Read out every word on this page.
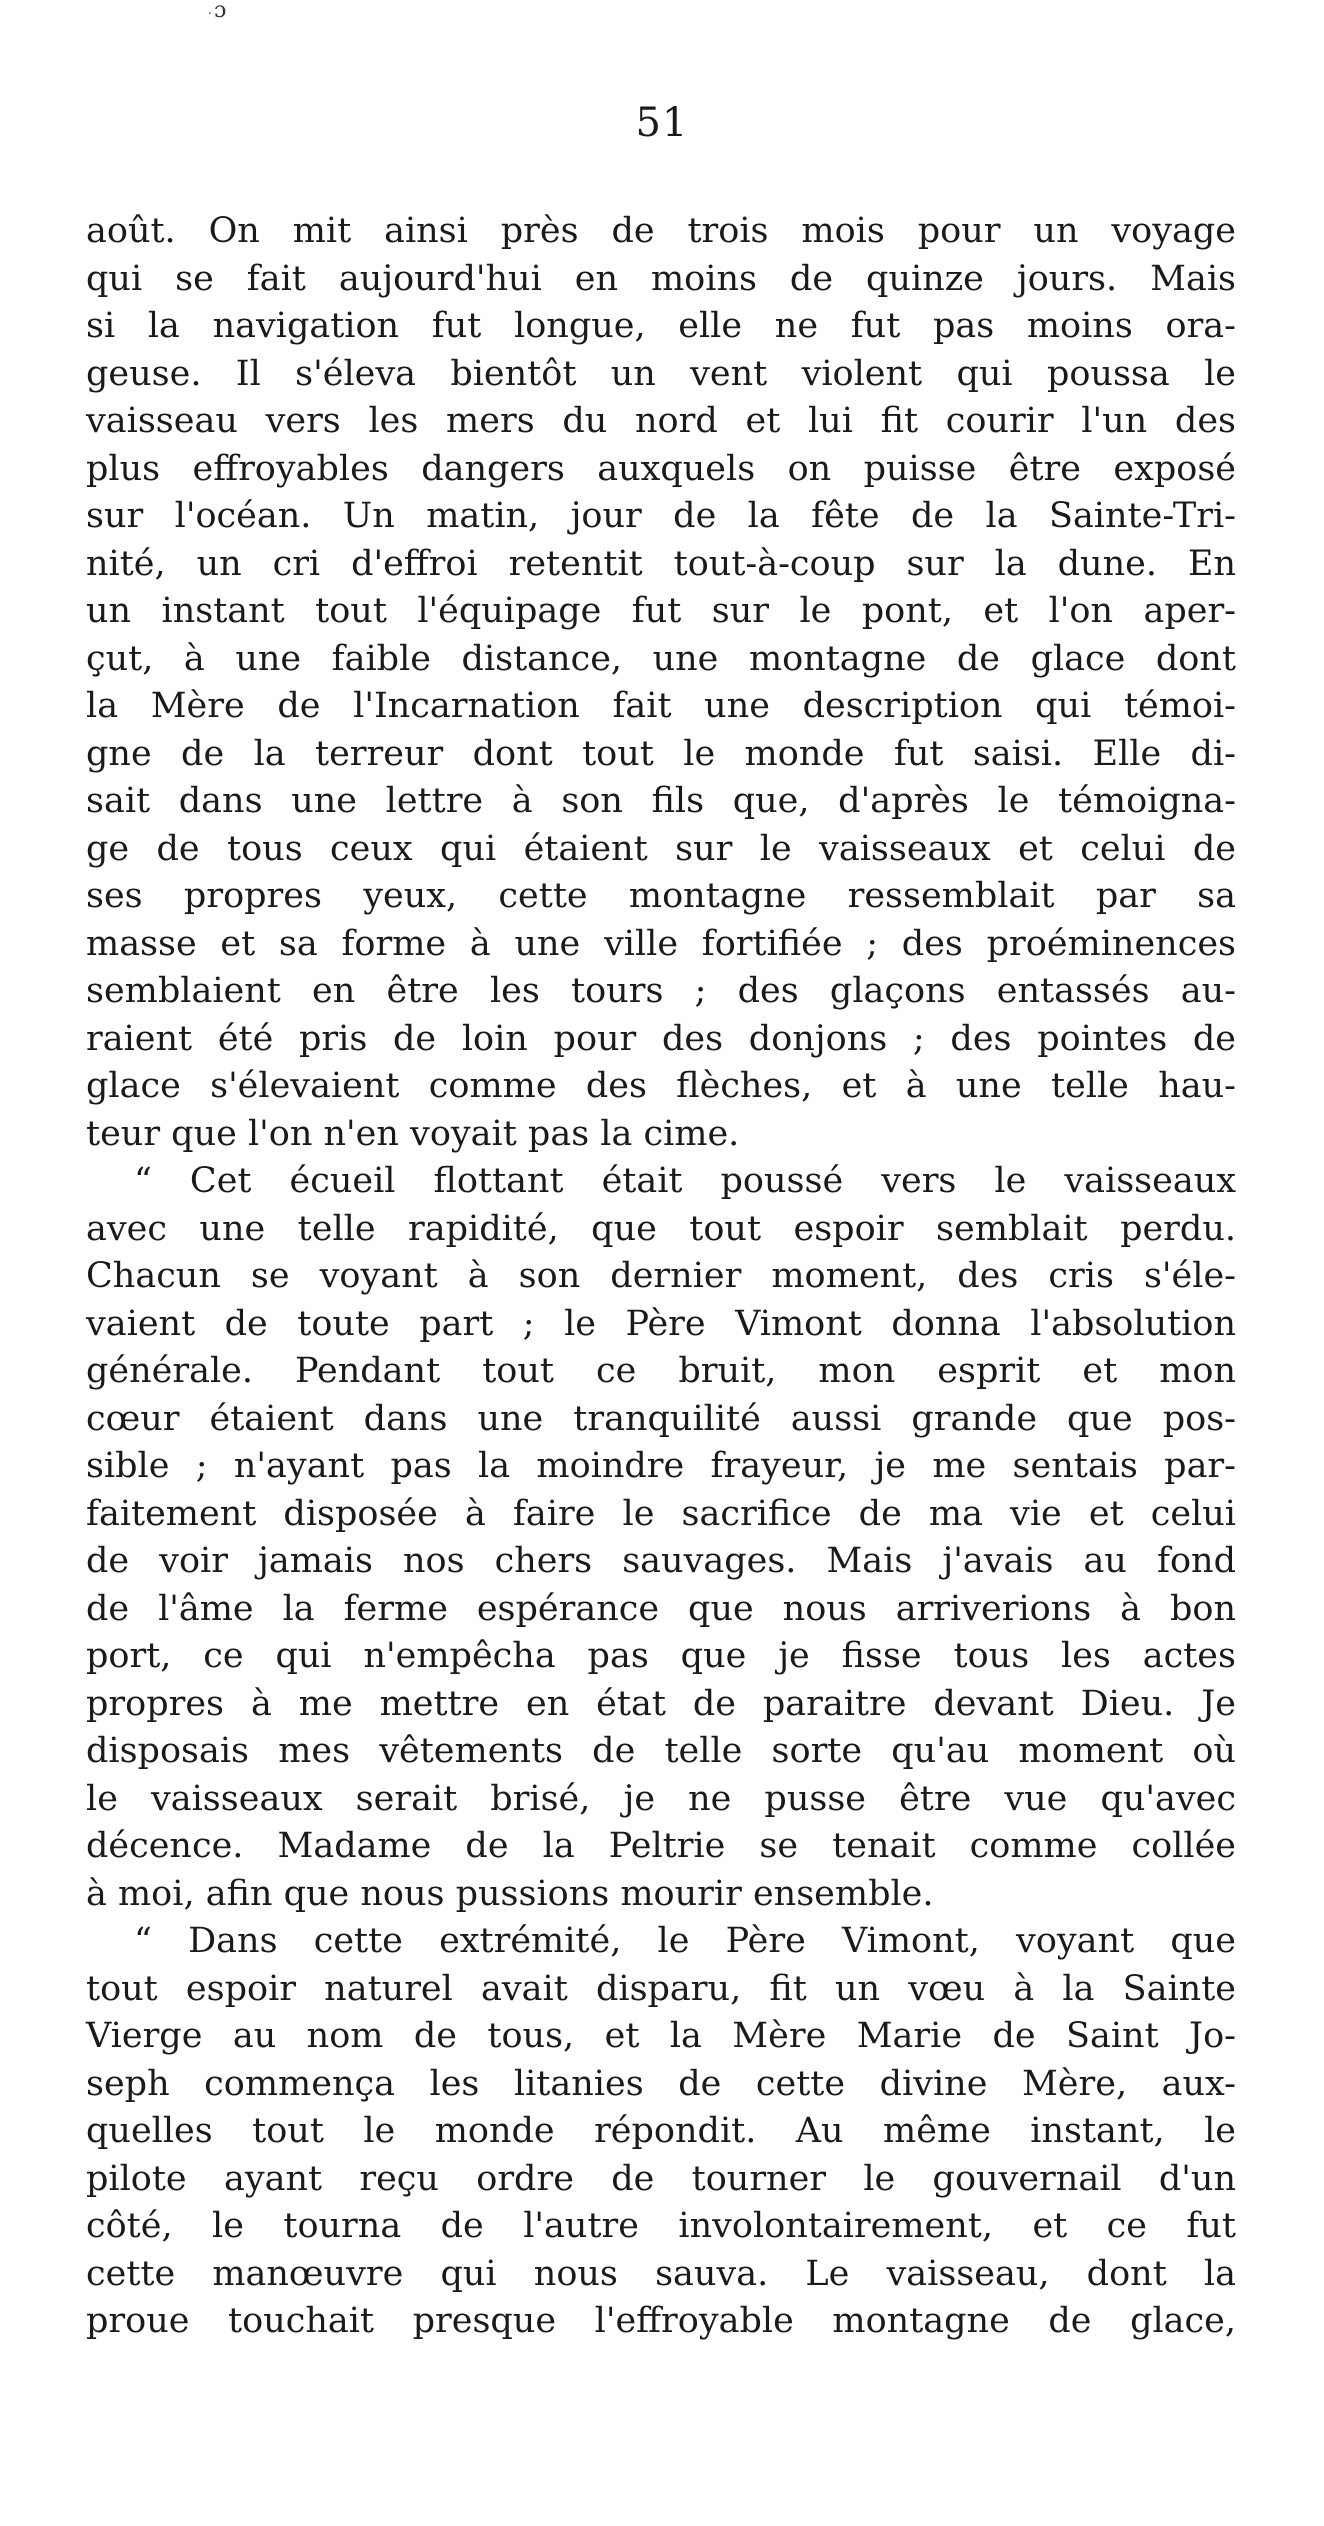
ɔ
.
51
août. On mit ainsi près de trois mois pour un voyage
qui se fait aujourd'hui en moins de quinze jours. Mais
si la navigation fut longue, elle ne fut pas moins ora-
geuse. Il s'éleva bientôt un vent violent qui poussa le
vaisseau vers les mers du nord et lui fit courir l'un des
plus effroyables dangers auxquels on puisse être exposé
sur l'océan. Un matin, jour de la fête de la Sainte-Tri-
nité, un cri d'effroi retentit tout-à-coup sur la dune. En
un instant tout l'équipage fut sur le pont, et l'on aper-
çut, à une faible distance, une montagne de glace dont
la Mère de l'Incarnation fait une description qui témoi-
gne de la terreur dont tout le monde fut saisi. Elle di-
sait dans une lettre à son fils que, d'après le témoigna-
ge de tous ceux qui étaient sur le vaisseaux et celui de
ses propres yeux, cette montagne ressemblait par sa
masse et sa forme à une ville fortifiée ; des proéminences
semblaient en être les tours ; des glaçons entassés au-
raient été pris de loin pour des donjons ; des pointes de
glace s'élevaient comme des flèches, et à une telle hau-
teur que l'on n'en voyait pas la cime.
“ Cet écueil flottant était poussé vers le vaisseaux
avec une telle rapidité, que tout espoir semblait perdu.
Chacun se voyant à son dernier moment, des cris s'éle-
vaient de toute part ; le Père Vimont donna l'absolution
générale. Pendant tout ce bruit, mon esprit et mon
cœur étaient dans une tranquilité aussi grande que pos-
sible ; n'ayant pas la moindre frayeur, je me sentais par-
faitement disposée à faire le sacrifice de ma vie et celui
de voir jamais nos chers sauvages. Mais j'avais au fond
de l'âme la ferme espérance que nous arriverions à bon
port, ce qui n'empêcha pas que je fisse tous les actes
propres à me mettre en état de paraitre devant Dieu. Je
disposais mes vêtements de telle sorte qu'au moment où
le vaisseaux serait brisé, je ne pusse être vue qu'avec
décence. Madame de la Peltrie se tenait comme collée
à moi, afin que nous pussions mourir ensemble.
“ Dans cette extrémité, le Père Vimont, voyant que
tout espoir naturel avait disparu, fit un vœu à la Sainte
Vierge au nom de tous, et la Mère Marie de Saint Jo-
seph commença les litanies de cette divine Mère, aux-
quelles tout le monde répondit. Au même instant, le
pilote ayant reçu ordre de tourner le gouvernail d'un
côté, le tourna de l'autre involontairement, et ce fut
cette manœuvre qui nous sauva. Le vaisseau, dont la
proue touchait presque l'effroyable montagne de glace,
